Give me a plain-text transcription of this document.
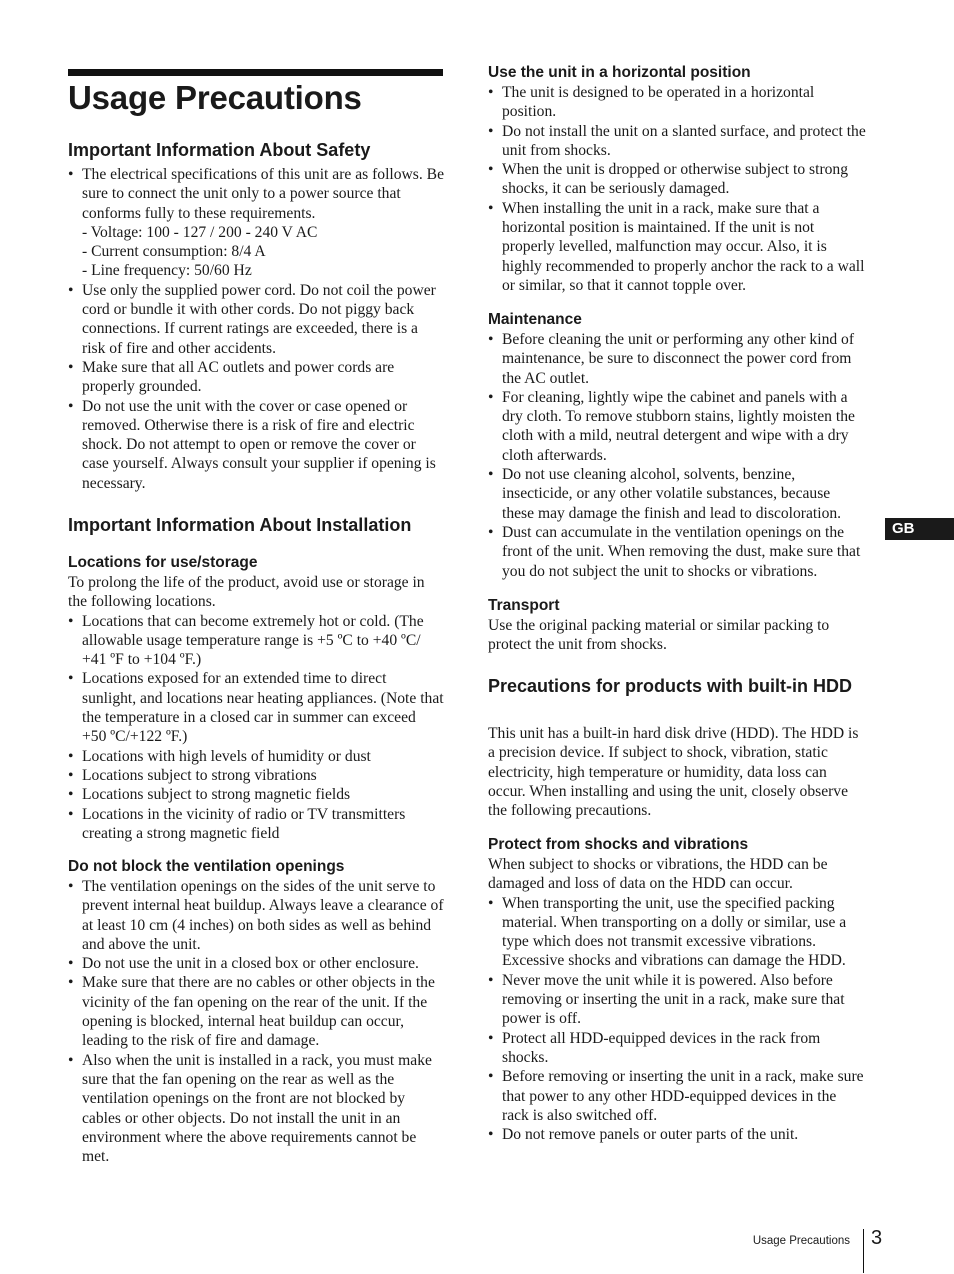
Usage Precautions
Important Information About Safety
• The electrical specifications of this unit are as follows. Be sure to connect the unit only to a power source that conforms fully to these requirements.
- Voltage: 100 - 127 / 200 - 240 V AC
- Current consumption: 8/4 A
- Line frequency: 50/60 Hz
• Use only the supplied power cord. Do not coil the power cord or bundle it with other cords. Do not piggy back connections. If current ratings are exceeded, there is a risk of fire and other accidents.
• Make sure that all AC outlets and power cords are properly grounded.
• Do not use the unit with the cover or case opened or removed. Otherwise there is a risk of fire and electric shock. Do not attempt to open or remove the cover or case yourself. Always consult your supplier if opening is necessary.
Important Information About Installation
Locations for use/storage

To prolong the life of the product, avoid use or storage in the following locations.

• Locations that can become extremely hot or cold. (The allowable usage temperature range is +5 ºC to +40 ºC/ +41 ºF to +104 ºF.)
• Locations exposed for an extended time to direct sunlight, and locations near heating appliances. (Note that the temperature in a closed car in summer can exceed +50 ºC/+122 ºF.)
• Locations with high levels of humidity or dust
• Locations subject to strong vibrations
• Locations subject to strong magnetic fields
• Locations in the vicinity of radio or TV transmitters creating a strong magnetic field
Do not block the ventilation openings
• The ventilation openings on the sides of the unit serve to prevent internal heat buildup. Always leave a clearance of at least 10 cm (4 inches) on both sides as well as behind and above the unit.
• Do not use the unit in a closed box or other enclosure.
• Make sure that there are no cables or other objects in the vicinity of the fan opening on the rear of the unit. If the opening is blocked, internal heat buildup can occur, leading to the risk of fire and damage.
• Also when the unit is installed in a rack, you must make sure that the fan opening on the rear as well as the ventilation openings on the front are not blocked by cables or other objects. Do not install the unit in an environment where the above requirements cannot be met.
Use the unit in a horizontal position
• The unit is designed to be operated in a horizontal position.
• Do not install the unit on a slanted surface, and protect the unit from shocks.
• When the unit is dropped or otherwise subject to strong shocks, it can be seriously damaged.
• When installing the unit in a rack, make sure that a horizontal position is maintained. If the unit is not properly levelled, malfunction may occur. Also, it is highly recommended to properly anchor the rack to a wall or similar, so that it cannot topple over.
Maintenance
• Before cleaning the unit or performing any other kind of maintenance, be sure to disconnect the power cord from the AC outlet.
• For cleaning, lightly wipe the cabinet and panels with a dry cloth. To remove stubborn stains, lightly moisten the cloth with a mild, neutral detergent and wipe with a dry cloth afterwards.
• Do not use cleaning alcohol, solvents, benzine, insecticide, or any other volatile substances, because these may damage the finish and lead to discoloration.
• Dust can accumulate in the ventilation openings on the front of the unit. When removing the dust, make sure that you do not subject the unit to shocks or vibrations.
Transport

Use the original packing material or similar packing to protect the unit from shocks.

Precautions for products with built-in HDD

This unit has a built-in hard disk drive (HDD). The HDD is a precision device. If subject to shock, vibration, static electricity, high temperature or humidity, data loss can occur. When installing and using the unit, closely observe the following precautions.

Protect from shocks and vibrations

When subject to shocks or vibrations, the HDD can be damaged and loss of data on the HDD can occur.

• When transporting the unit, use the specified packing material. When transporting on a dolly or similar, use a type which does not transmit excessive vibrations. Excessive shocks and vibrations can damage the HDD.
• Never move the unit while it is powered. Also before removing or inserting the unit in a rack, make sure that power is off.
• Protect all HDD-equipped devices in the rack from shocks.
• Before removing or inserting the unit in a rack, make sure that power to any other HDD-equipped devices in the rack is also switched off.
• Do not remove panels or outer parts of the unit.
GB
Usage Precautions 3
